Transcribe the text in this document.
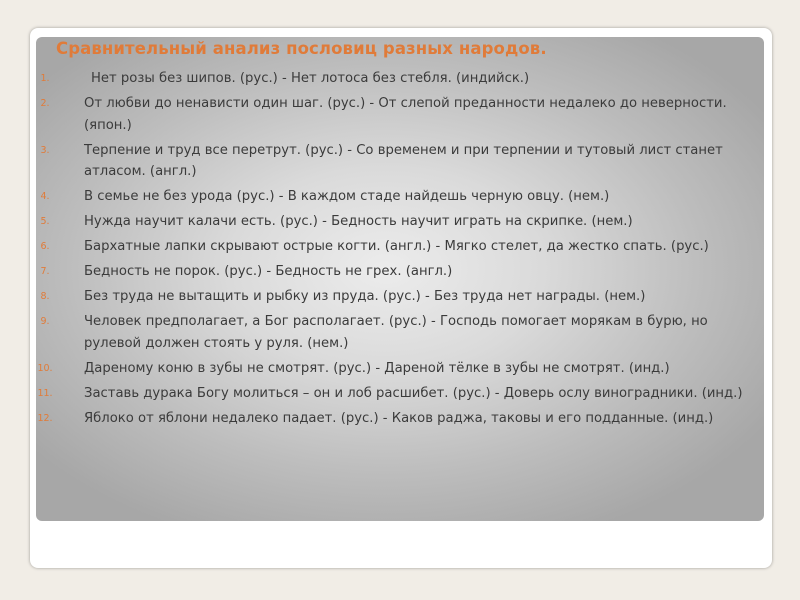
Сравнительный анализ пословиц разных народов.
1.	Нет розы без шипов. (рус.) - Нет лотоса без стебля. (индийск.)
2.	От любви до ненависти один шаг. (рус.) - От слепой преданности недалеко до неверности. (япон.)
3.	Терпение и труд все перетрут. (рус.) - Со временем и при терпении и тутовый лист станет атласом. (англ.)
4.	В семье не без урода (рус.) - В каждом стаде найдешь черную овцу. (нем.)
5.	Нужда научит калачи есть. (рус.) - Бедность научит играть на скрипке. (нем.)
6.	Бархатные лапки скрывают острые когти. (англ.) - Мягко стелет, да жестко спать. (рус.)
7.	Бедность не порок. (рус.) - Бедность не грех. (англ.)
8.	Без труда не вытащить и рыбку из пруда. (рус.) - Без труда нет награды. (нем.)
9.	Человек предполагает, а Бог располагает. (рус.) - Господь помогает морякам в бурю, но рулевой должен стоять у руля. (нем.)
10.	Дареному коню в зубы не смотрят. (рус.) - Дареной тёлке в зубы не смотрят. (инд.)
11.	Заставь дурака Богу молиться – он и лоб расшибет. (рус.) - Доверь ослу виноградники. (инд.)
12.	Яблоко от яблони недалеко падает. (рус.) - Каков раджа, таковы и его подданные. (инд.)
